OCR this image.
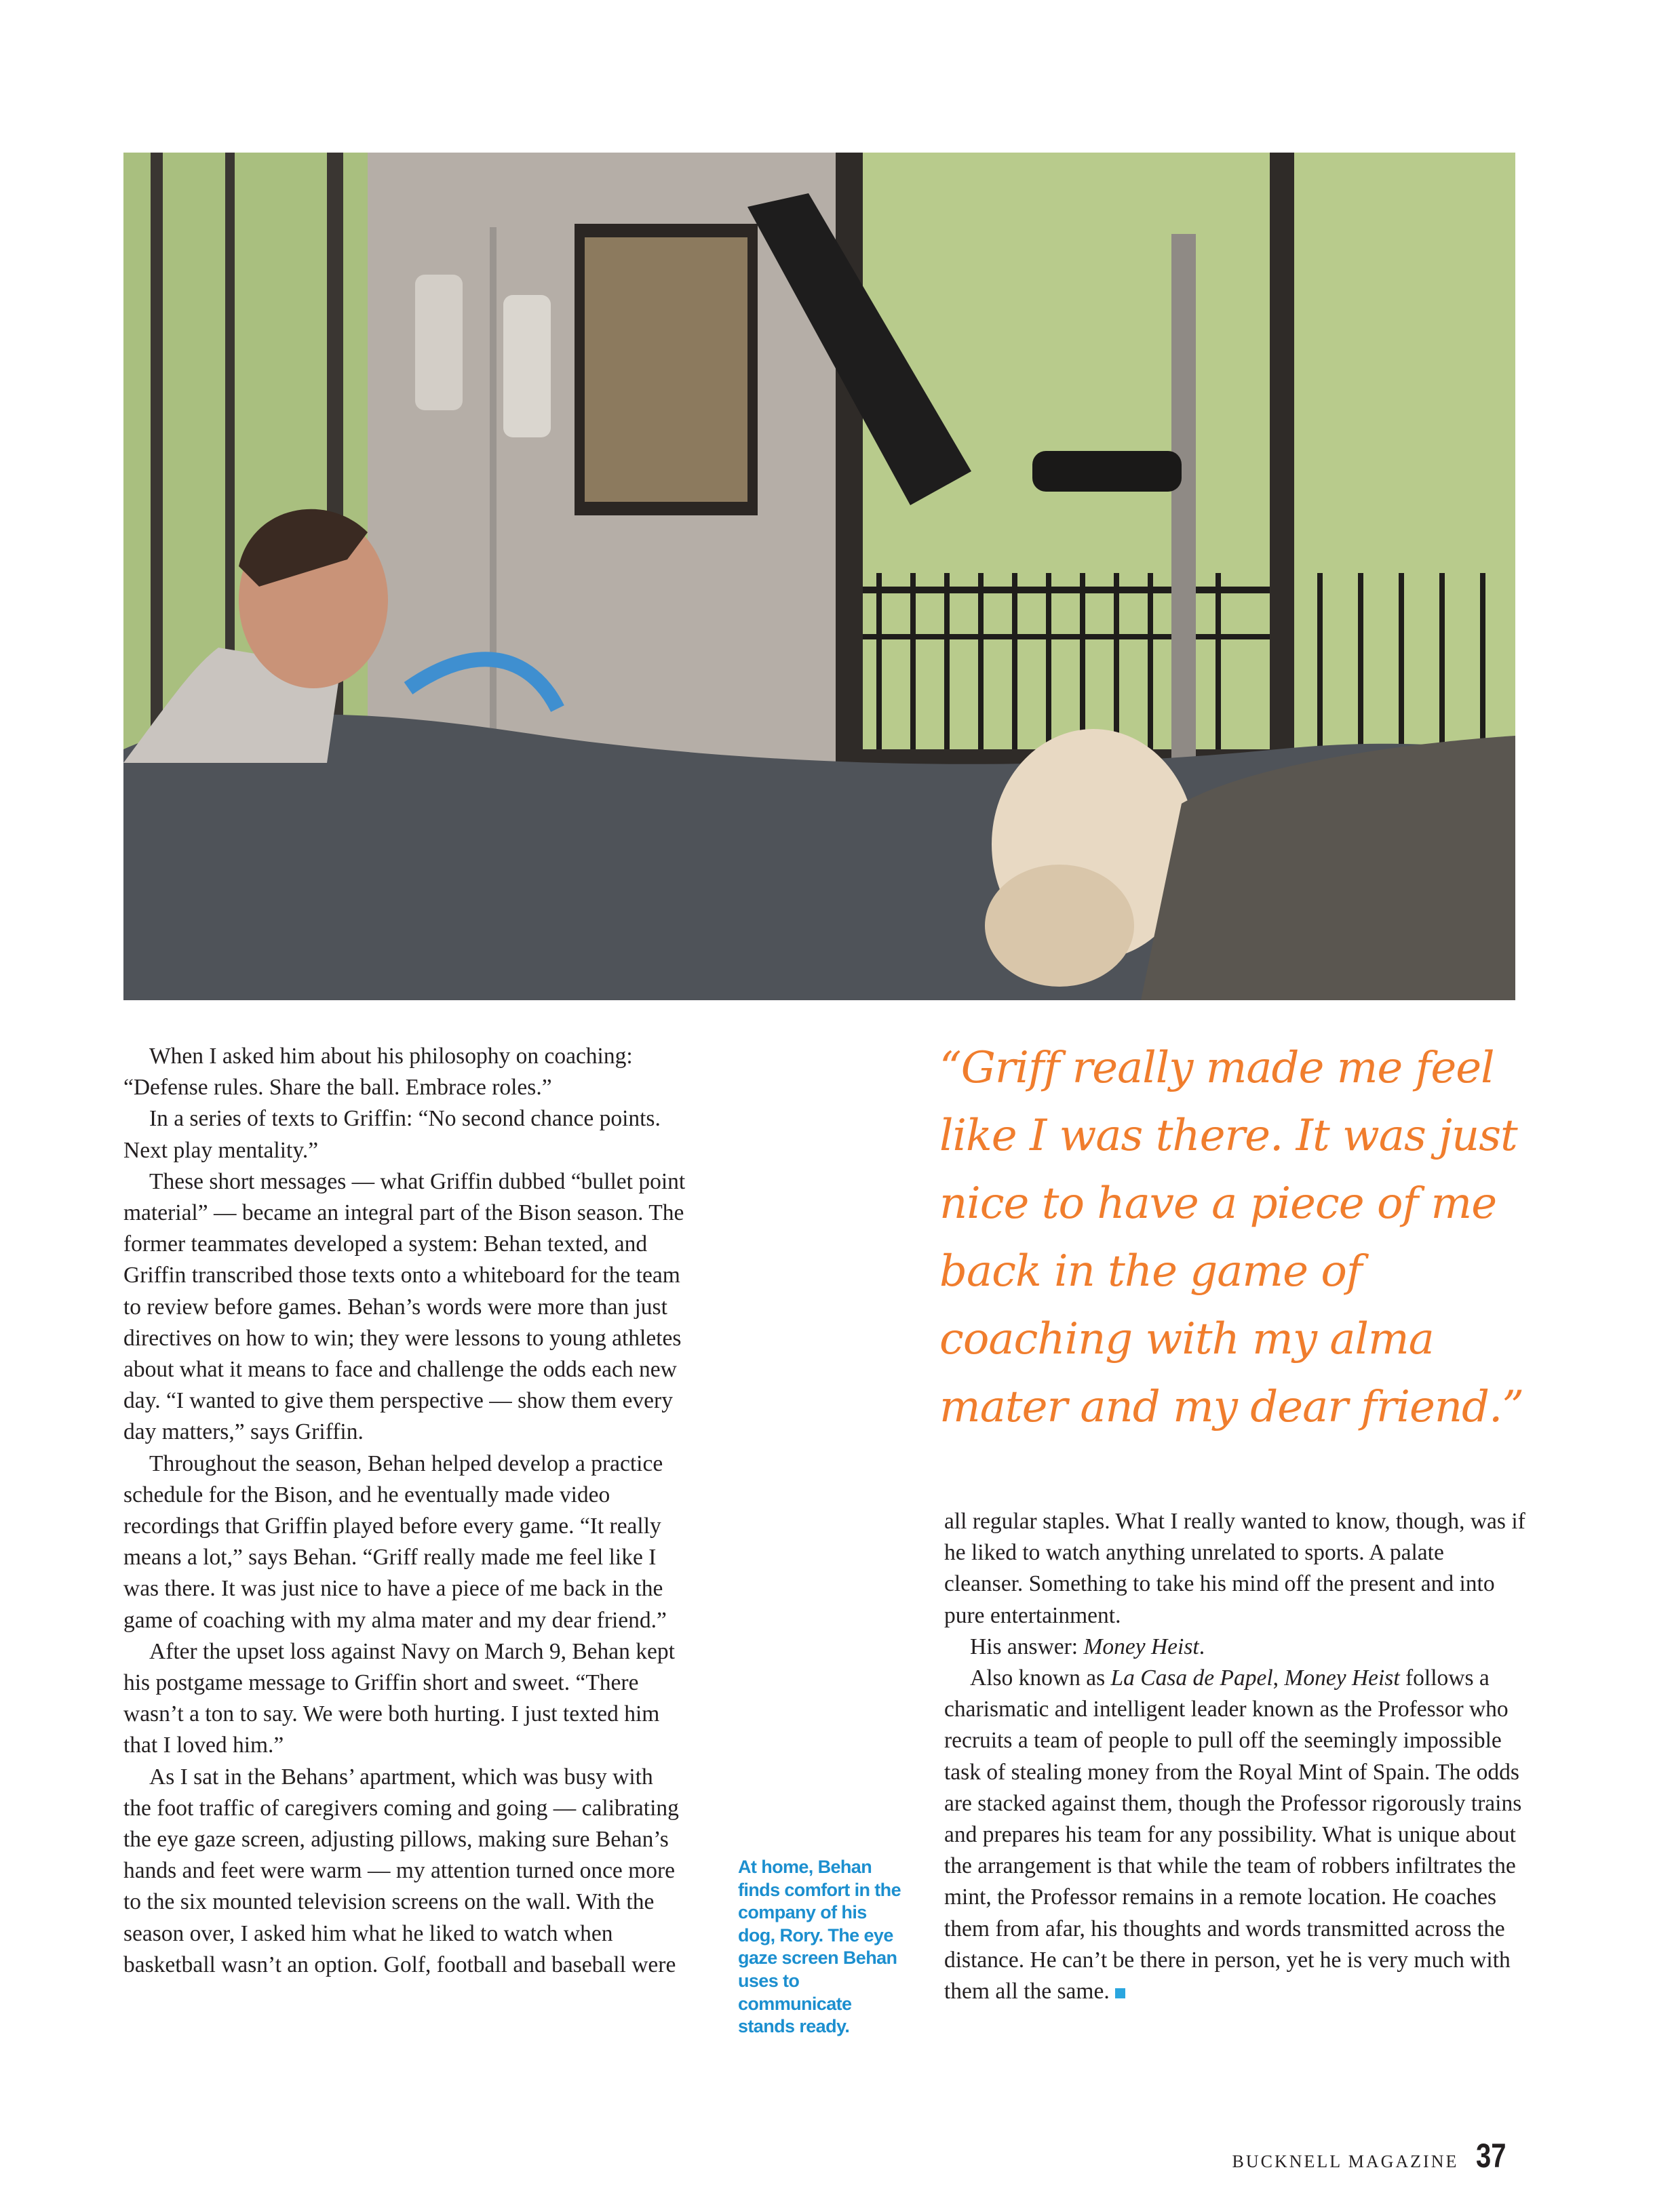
When I asked him about his philosophy on coaching: “Defense rules. Share the ball. Embrace roles.”

In a series of texts to Griffin: “No second chance points. Next play mentality.”

These short messages — what Griffin dubbed “bullet point material” — became an integral part of the Bison season. The former teammates developed a system: Behan texted, and Griffin transcribed those texts onto a whiteboard for the team to review before games. Behan’s words were more than just directives on how to win; they were lessons to young athletes about what it means to face and challenge the odds each new day. “I wanted to give them perspective — show them every day matters,” says Griffin.

Throughout the season, Behan helped develop a practice schedule for the Bison, and he eventually made video recordings that Griffin played before every game. “It really means a lot,” says Behan. “Griff really made me feel like I was there. It was just nice to have a piece of me back in the game of coaching with my alma mater and my dear friend.”

After the upset loss against Navy on March 9, Behan kept his postgame message to Griffin short and sweet. “There wasn’t a ton to say. We were both hurting. I just texted him that I loved him.”

As I sat in the Behans’ apartment, which was busy with the foot traffic of caregivers coming and going — calibrating the eye gaze screen, adjusting pillows, making sure Behan’s hands and feet were warm — my attention turned once more to the six mounted television screens on the wall. With the season over, I asked him what he liked to watch when basketball wasn’t an option. Golf, football and baseball were

“Griff really made me feel like I was there. It was just nice to have a piece of me back in the game of coaching with my alma mater and my dear friend.”
At home, Behan finds comfort in the company of his dog, Rory. The eye gaze screen Behan uses to communicate stands ready.

all regular staples. What I really wanted to know, though, was if he liked to watch anything unrelated to sports. A palate cleanser. Something to take his mind off the present and into pure entertainment.

His answer: Money Heist.

Also known as La Casa de Papel, Money Heist follows a charismatic and intelligent leader known as the Professor who recruits a team of people to pull off the seemingly impossible task of stealing money from the Royal Mint of Spain. The odds are stacked against them, though the Professor rigorously trains and prepares his team for any possibility. What is unique about the arrangement is that while the team of robbers infiltrates the mint, the Professor remains in a remote location. He coaches them from afar, his thoughts and words transmitted across the distance. He can’t be there in person, yet he is very much with them all the same.

BUCKNELL MAGAZINE 37
